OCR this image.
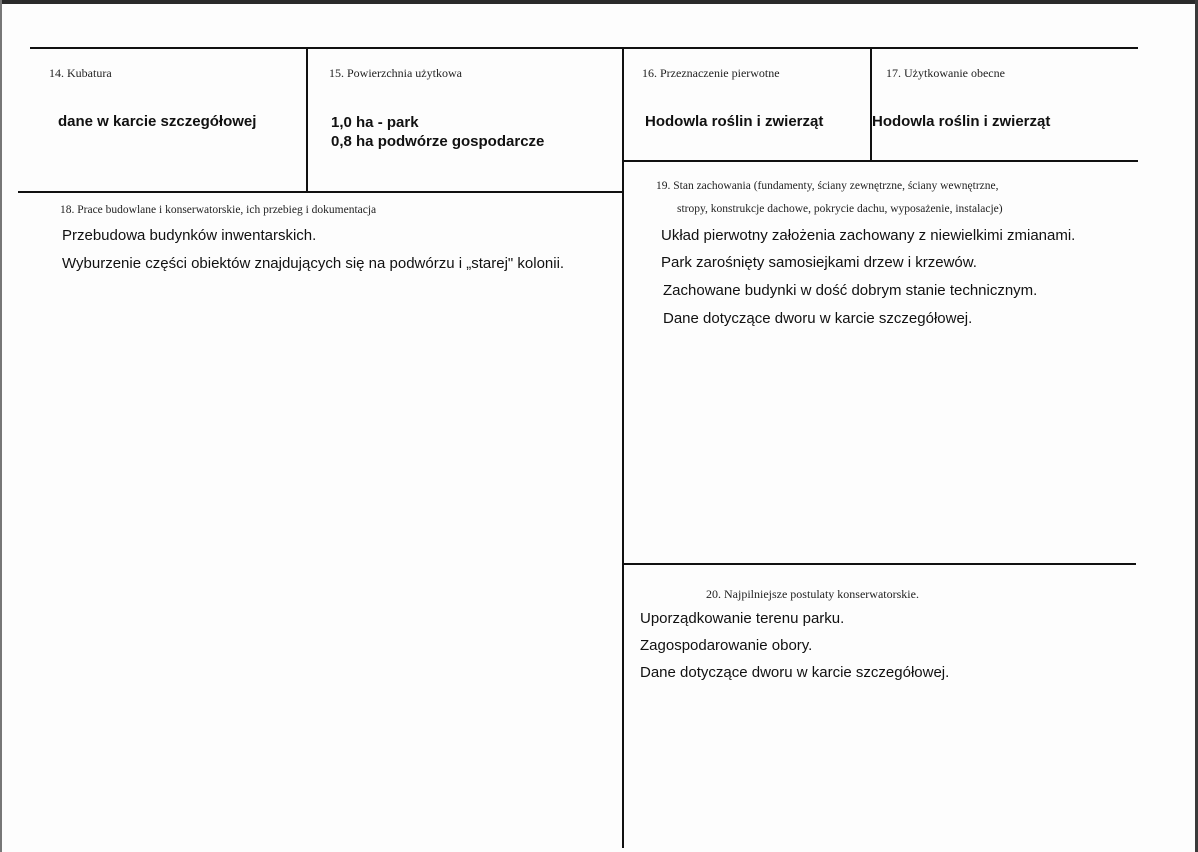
14. Kubatura
dane w karcie szczegółowej
15. Powierzchnia użytkowa
1,0 ha - park
0,8 ha podwórze gospodarcze
16. Przeznaczenie pierwotne
Hodowla roślin i zwierząt
17. Użytkowanie obecne
Hodowla roślin i zwierząt
18. Prace budowlane i konserwatorskie, ich przebieg i dokumentacja
Przebudowa budynków inwentarskich.
Wyburzenie części obiektów znajdujących się na podwórzu i „starej" kolonii.
19. Stan zachowania (fundamenty, ściany zewnętrzne, ściany wewnętrzne,
stropy, konstrukcje dachowe, pokrycie dachu, wyposażenie, instalacje)
Układ pierwotny założenia zachowany z niewielkimi zmianami.
Park zarośnięty samosiejkami drzew i krzewów.
Zachowane budynki w dość dobrym stanie technicznym.
Dane dotyczące dworu w karcie szczegółowej.
20. Najpilniejsze postulaty konserwatorskie.
Uporządkowanie terenu parku.
Zagospodarowanie obory.
Dane dotyczące dworu w karcie szczegółowej.
